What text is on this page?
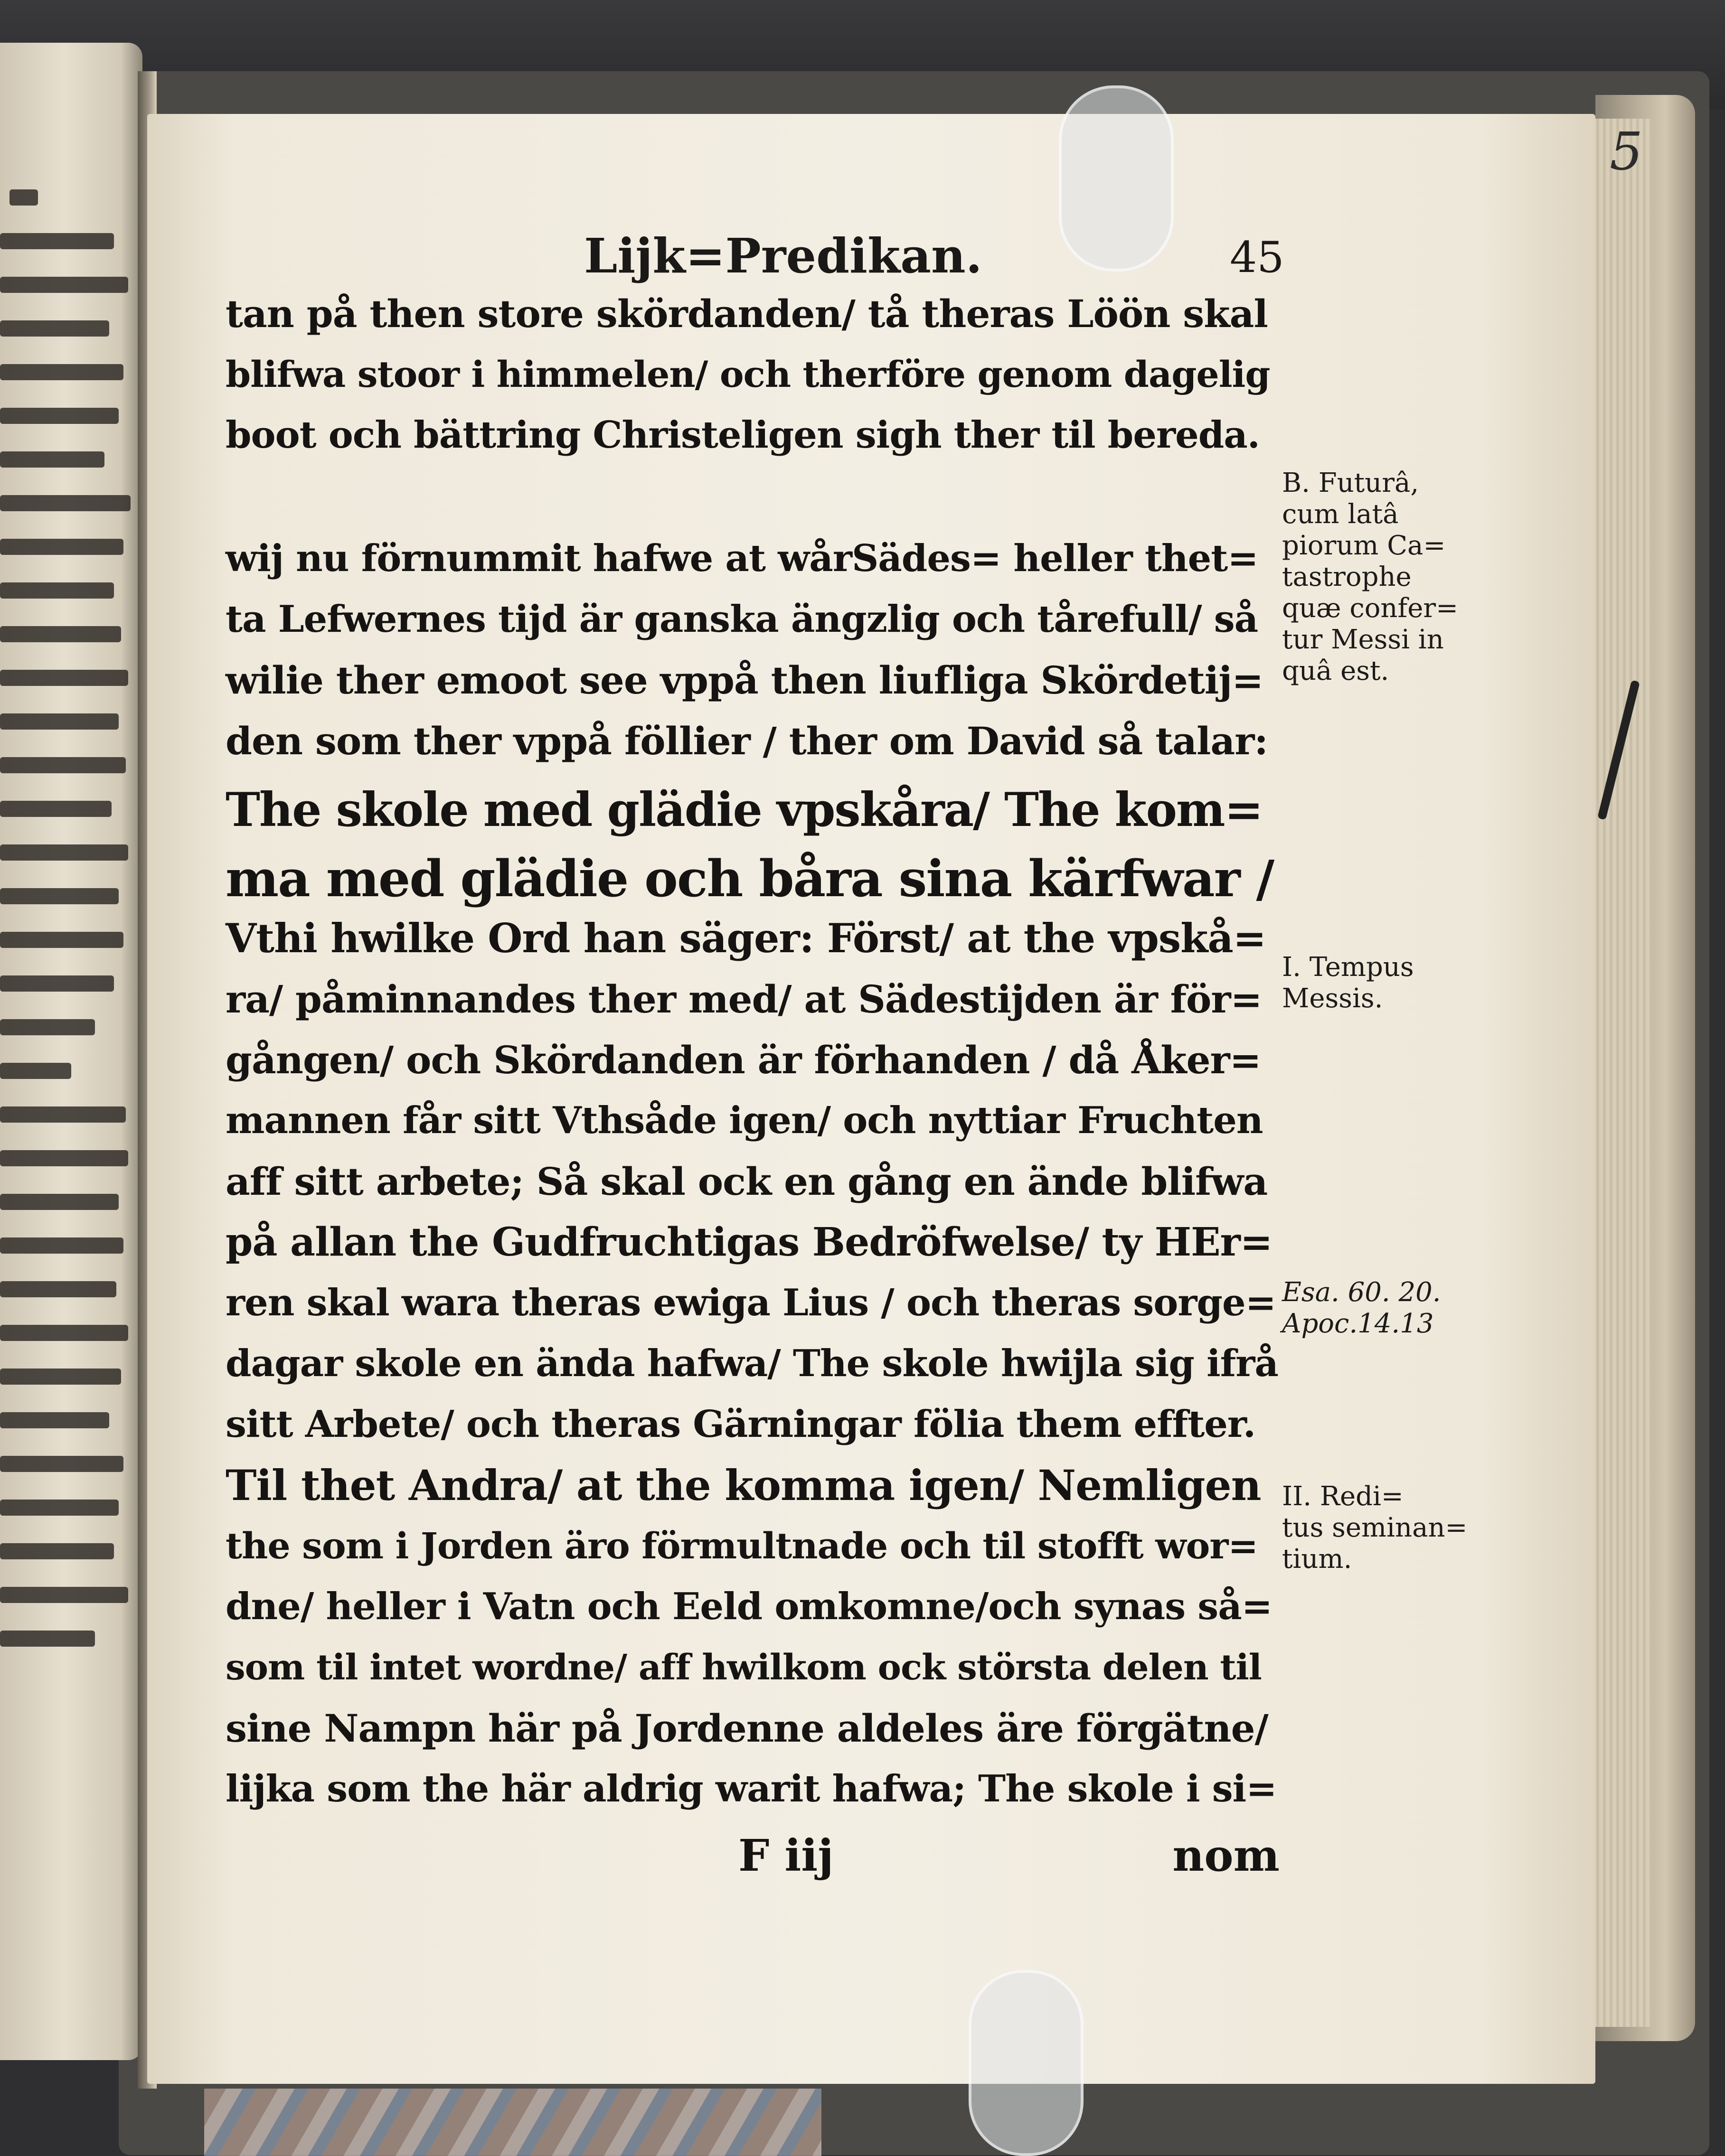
5
Lijk=Predikan.	45
tan på then store skördanden/ tå theras Löön skal
blifwa stoor i himmelen/ och therföre genom dagelig
boot och bättring Christeligen sigh ther til bereda.
wij nu förnummit hafwe at wårSädes= heller thet=
ta Lefwernes tijd är ganska ängzlig och tårefull/ så
wilie ther emoot see vppå then liufliga Skördetij=
den som ther vppå föllier / ther om David så talar:
The skole med glädie vpskåra/ The kom=
ma med glädie och båra sina kärfwar /
Vthi hwilke Ord han säger: Först/ at the vpskå=
ra/ påminnandes ther med/ at Sädestijden är för=
gången/ och Skördanden är förhanden / då Åker=
mannen får sitt Vthsåde igen/ och nyttiar Fruchten
aff sitt arbete; Så skal ock en gång en ände blifwa
på allan the Gudfruchtigas Bedröfwelse/ ty HEr=
ren skal wara theras ewiga Lius / och theras sorge=
dagar skole en ända hafwa/ The skole hwijla sig ifrå
sitt Arbete/ och theras Gärningar fölia them effter.
Til thet Andra/ at the komma igen/ Nemligen
the som i Jorden äro förmultnade och til stofft wor=
dne/ heller i Vatn och Eeld omkomne/och synas så=
som til intet wordne/ aff hwilkom ock största delen til
sine Nampn här på Jordenne aldeles äre förgätne/
lijka som the här aldrig warit hafwa; The skole i si=
F iij	nom
B. Futurâ,
cum latâ
piorum Ca=
tastrophe
quæ confer=
tur Messi in
quâ est.
I. Tempus
Messis.
Esa. 60. 20.
Apoc.14.13
II. Redi=
tus seminan=
tium.
